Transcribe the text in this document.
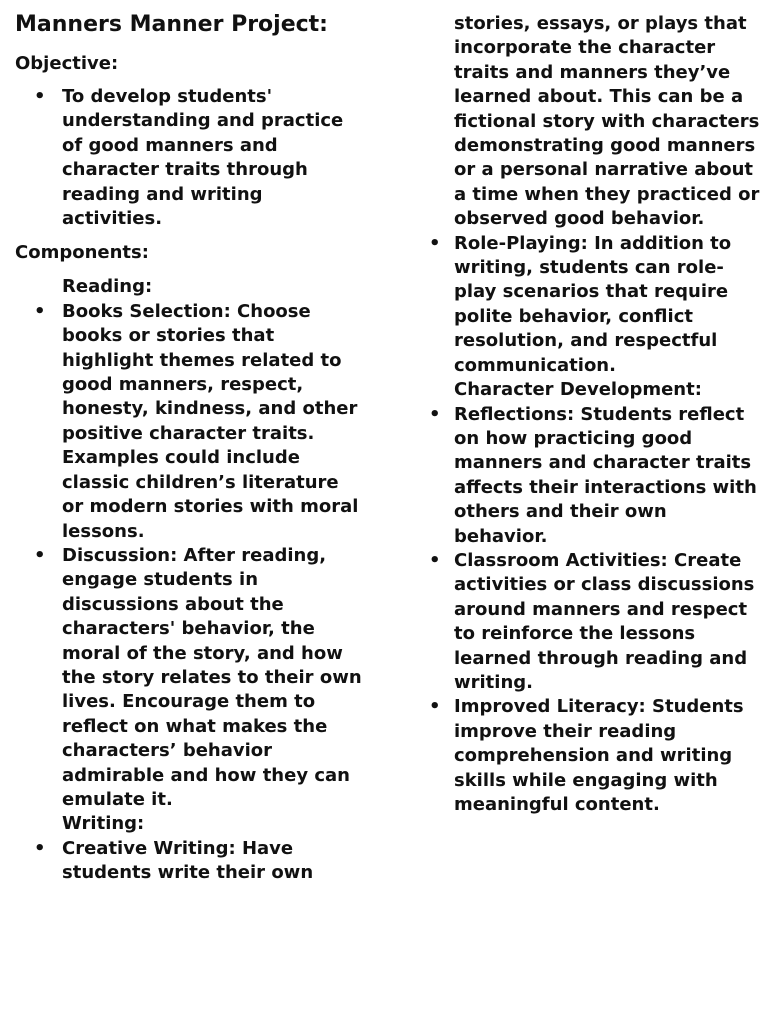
Manners Manner Project:
Objective:
• To develop students' understanding and practice of good manners and character traits through reading and writing activities.
Components:
Reading:
• Books Selection: Choose books or stories that highlight themes related to good manners, respect, honesty, kindness, and other positive character traits. Examples could include classic children’s literature or modern stories with moral lessons.
• Discussion: After reading, engage students in discussions about the characters' behavior, the moral of the story, and how the story relates to their own lives. Encourage them to reflect on what makes the characters’ behavior admirable and how they can emulate it.
Writing:
• Creative Writing: Have students write their own
stories, essays, or plays that incorporate the character traits and manners they’ve learned about. This can be a fictional story with characters demonstrating good manners or a personal narrative about a time when they practiced or observed good behavior.
• Role-Playing: In addition to writing, students can role-play scenarios that require polite behavior, conflict resolution, and respectful communication.
Character Development:
• Reflections: Students reflect on how practicing good manners and character traits affects their interactions with others and their own behavior.
• Classroom Activities: Create activities or class discussions around manners and respect to reinforce the lessons learned through reading and writing.
• Improved Literacy: Students improve their reading comprehension and writing skills while engaging with meaningful content.
